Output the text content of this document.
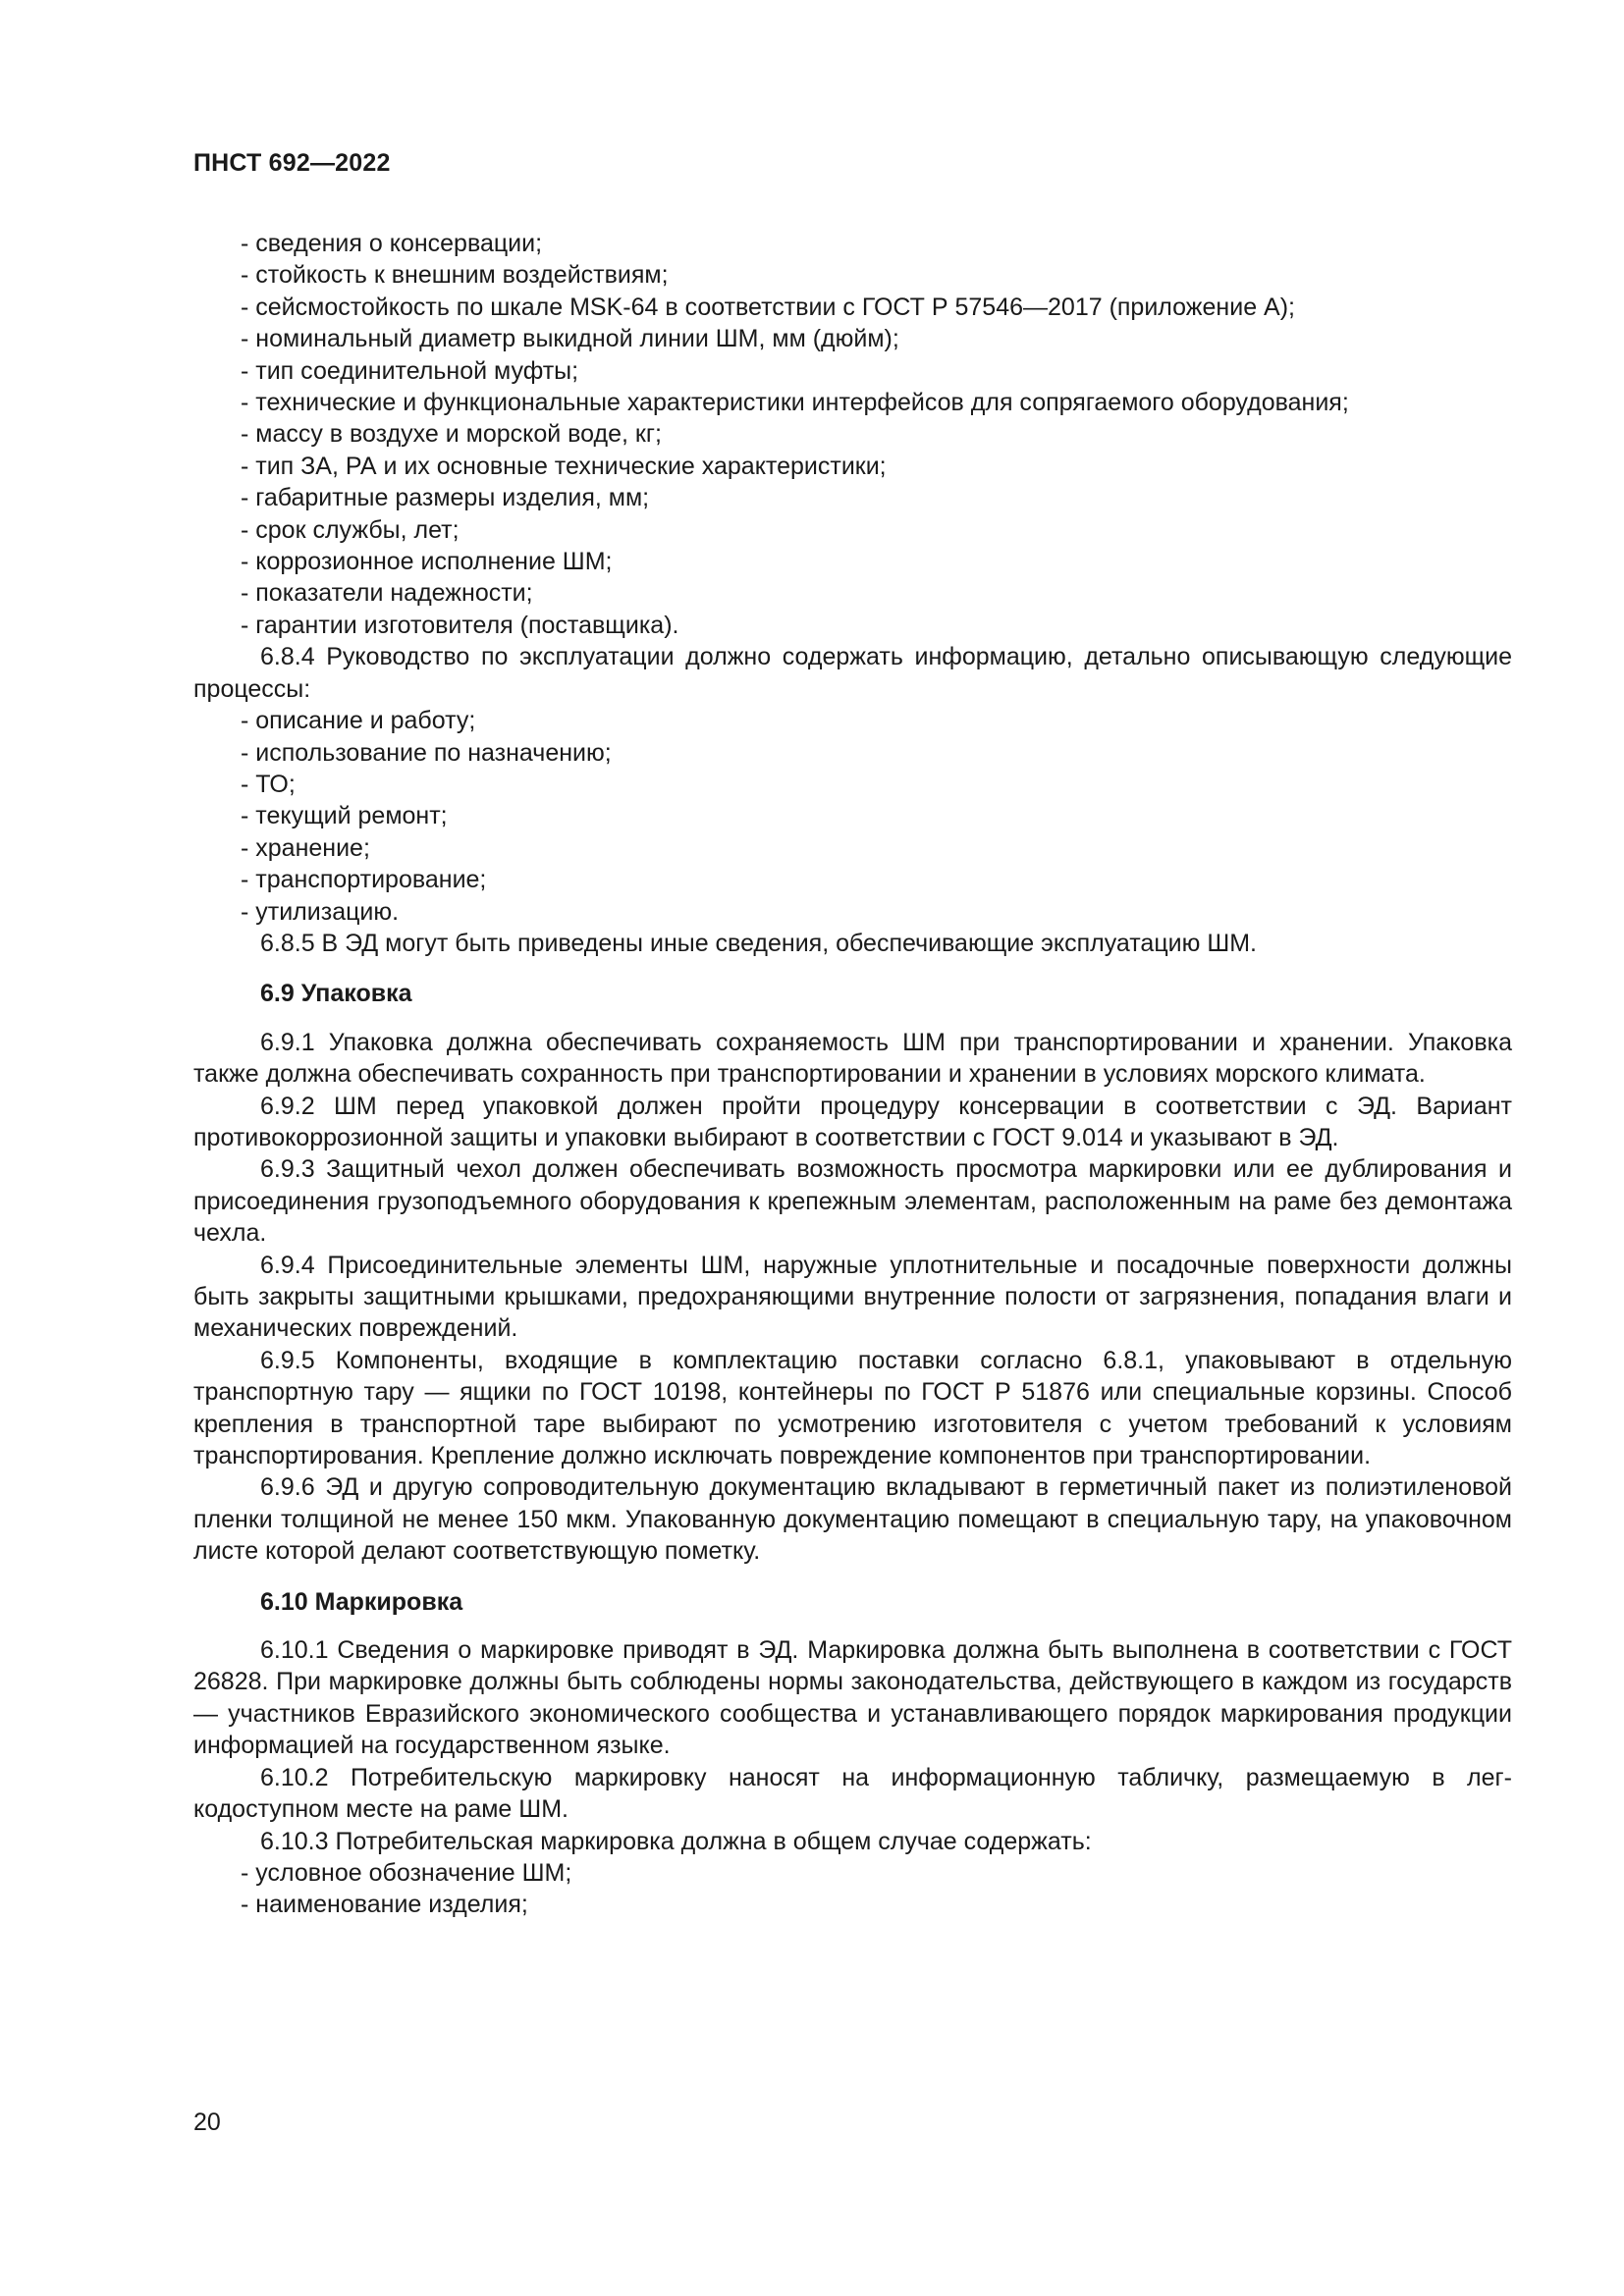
ПНСТ 692—2022

- сведения о консервации;

- стойкость к внешним воздействиям;

- сейсмостойкость по шкале MSK-64 в соответствии с ГОСТ Р 57546—2017 (приложение А);

- номинальный диаметр выкидной линии ШМ, мм (дюйм);

- тип соединительной муфты;

- технические и функциональные характеристики интерфейсов для сопрягаемого оборудования;

- массу в воздухе и морской воде, кг;

- тип ЗА, РА и их основные технические характеристики;

- габаритные размеры изделия, мм;

- срок службы, лет;

- коррозионное исполнение ШМ;

- показатели надежности;

- гарантии изготовителя (поставщика).

6.8.4 Руководство по эксплуатации должно содержать информацию, детально описывающую следующие процессы:

- описание и работу;

- использование по назначению;

- ТО;

- текущий ремонт;

- хранение;

- транспортирование;

- утилизацию.

6.8.5 В ЭД могут быть приведены иные сведения, обеспечивающие эксплуатацию ШМ.

6.9 Упаковка

6.9.1 Упаковка должна обеспечивать сохраняемость ШМ при транспортировании и хранении. Упаковка также должна обеспечивать сохранность при транспортировании и хранении в условиях морского климата.

6.9.2 ШМ перед упаковкой должен пройти процедуру консервации в соответствии с ЭД. Вариант противокоррозионной защиты и упаковки выбирают в соответствии с ГОСТ 9.014 и указывают в ЭД.

6.9.3 Защитный чехол должен обеспечивать возможность просмотра маркировки или ее дублирования и присоединения грузоподъемного оборудования к крепежным элементам, расположенным на раме без демонтажа чехла.

6.9.4 Присоединительные элементы ШМ, наружные уплотнительные и посадочные поверхности должны быть закрыты защитными крышками, предохраняющими внутренние полости от загрязнения, попадания влаги и механических повреждений.

6.9.5 Компоненты, входящие в комплектацию поставки согласно 6.8.1, упаковывают в отдельную транспортную тару — ящики по ГОСТ 10198, контейнеры по ГОСТ Р 51876 или специальные корзины. Способ крепления в транспортной таре выбирают по усмотрению изготовителя с учетом требований к условиям транспортирования. Крепление должно исключать повреждение компонентов при транспортировании.

6.9.6 ЭД и другую сопроводительную документацию вкладывают в герметичный пакет из полиэтиленовой пленки толщиной не менее 150 мкм. Упакованную документацию помещают в специальную тару, на упаковочном листе которой делают соответствующую пометку.

6.10 Маркировка

6.10.1 Сведения о маркировке приводят в ЭД. Маркировка должна быть выполнена в соответствии с ГОСТ 26828. При маркировке должны быть соблюдены нормы законодательства, действующего в каждом из государств — участников Евразийского экономического сообщества и устанавливающего порядок маркирования продукции информацией на государственном языке.

6.10.2 Потребительскую маркировку наносят на информационную табличку, размещаемую в легкодоступном месте на раме ШМ.

6.10.3 Потребительская маркировка должна в общем случае содержать:

- условное обозначение ШМ;

- наименование изделия;

20
